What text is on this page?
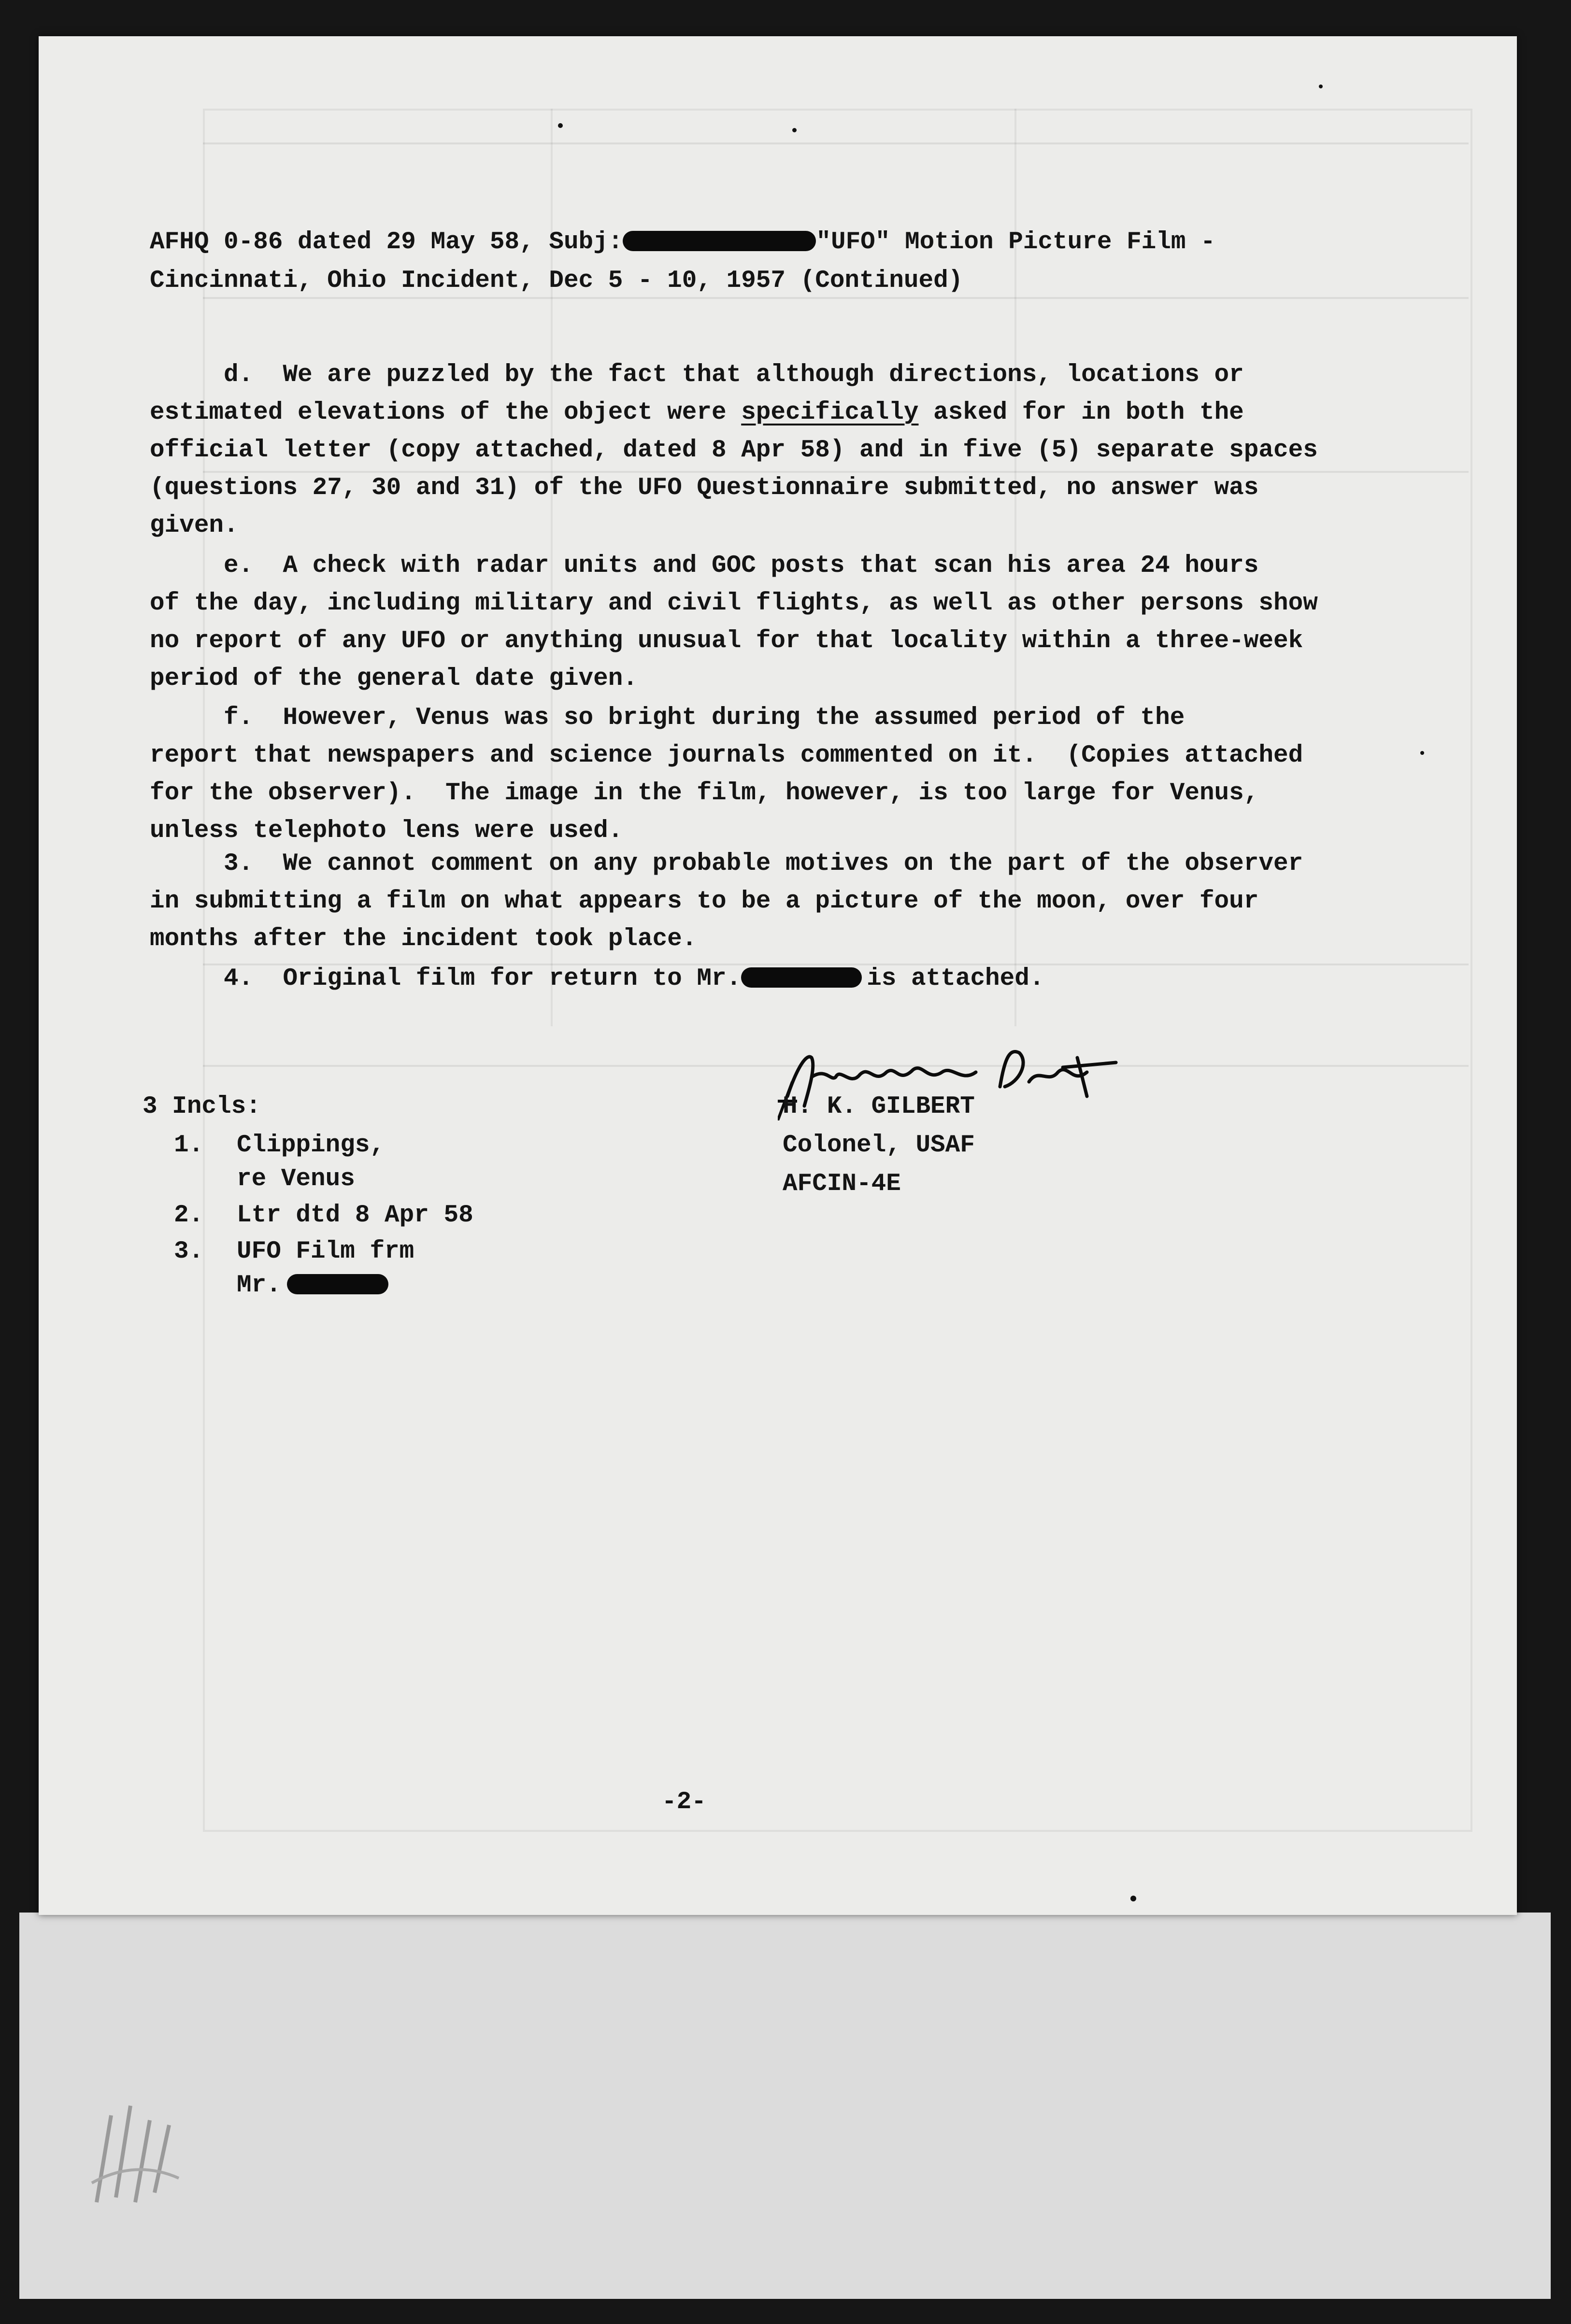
AFHQ 0-86 dated 29 May 58, Subj:	"UFO" Motion Picture Film -

Cincinnati, Ohio Incident, Dec 5 - 10, 1957 (Continued)

d.  We are puzzled by the fact that although directions, locations or

estimated elevations of the object were specifically asked for in both the

official letter (copy attached, dated 8 Apr 58) and in five (5) separate spaces

(questions 27, 30 and 31) of the UFO Questionnaire submitted, no answer was

given.

e.  A check with radar units and GOC posts that scan his area 24 hours

of the day, including military and civil flights, as well as other persons show

no report of any UFO or anything unusual for that locality within a three-week

period of the general date given.

f.  However, Venus was so bright during the assumed period of the

report that newspapers and science journals commented on it.  (Copies attached

for the observer).  The image in the film, however, is too large for Venus,

unless telephoto lens were used.

3.  We cannot comment on any probable motives on the part of the observer

in submitting a film on what appears to be a picture of the moon, over four

months after the incident took place.

4.  Original film for return to Mr.	is attached.

H. K. GILBERT

Colonel, USAF

AFCIN-4E

3 Incls:

1. Clippings,

re Venus

2. Ltr dtd 8 Apr 58

3. UFO Film frm

Mr.

-2-
